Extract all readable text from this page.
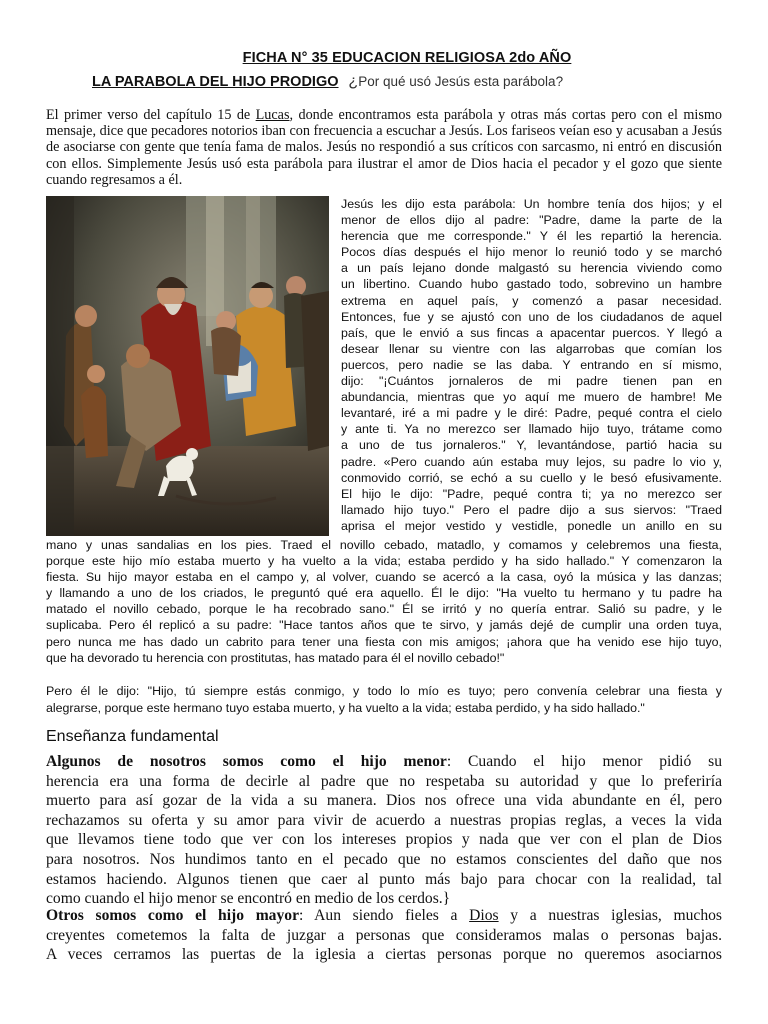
FICHA N° 35 EDUCACION RELIGIOSA 2do AÑO
LA PARABOLA DEL HIJO PRODIGO ¿Por qué usó Jesús esta parábola?
El primer verso del capítulo 15 de Lucas, donde encontramos esta parábola y otras más cortas pero con el mismo mensaje, dice que pecadores notorios iban con frecuencia a escuchar a Jesús. Los fariseos veían eso y acusaban a Jesús de asociarse con gente que tenía fama de malos. Jesús no respondió a sus críticos con sarcasmo, ni entró en discusión con ellos. Simplemente Jesús usó esta parábola para ilustrar el amor de Dios hacia el pecador y el gozo que siente cuando regresamos a él.
Jesús les dijo esta parábola: Un hombre tenía dos hijos; y el
menor de ellos dijo al padre: "Padre, dame la parte de la
herencia que me corresponde." Y él les repartió la herencia.
Pocos días después el hijo menor lo reunió todo y se marchó
a un país lejano donde malgastó su herencia viviendo como
un libertino. Cuando hubo gastado todo, sobrevino un hambre
extrema en aquel país, y comenzó a pasar necesidad.
Entonces, fue y se ajustó con uno de los ciudadanos de aquel
país, que le envió a sus fincas a apacentar puercos. Y llegó a
desear llenar su vientre con las algarrobas que comían los
puercos, pero nadie se las daba. Y entrando en sí mismo,
dijo: "¡Cuántos jornaleros de mi padre tienen pan en
abundancia, mientras que yo aquí me muero de hambre! Me
levantaré, iré a mi padre y le diré: Padre, pequé contra el cielo
y ante ti. Ya no merezco ser llamado hijo tuyo, trátame como
a uno de tus jornaleros." Y, levantándose, partió hacia su
padre. «Pero cuando aún estaba muy lejos, su padre lo vio y,
conmovido corrió, se echó a su cuello y le besó efusivamente.
El hijo le dijo: "Padre, pequé contra ti; ya no merezco ser
llamado hijo tuyo." Pero el padre dijo a sus siervos: "Traed
aprisa el mejor vestido y vestidle, ponedle un anillo en su
mano y unas sandalias en los pies. Traed el novillo cebado, matadlo, y comamos y celebremos una fiesta,
porque este hijo mío estaba muerto y ha vuelto a la vida; estaba perdido y ha sido hallado." Y comenzaron la
fiesta. Su hijo mayor estaba en el campo y, al volver, cuando se acercó a la casa, oyó la música y las danzas;
y llamando a uno de los criados, le preguntó qué era aquello. Él le dijo: "Ha vuelto tu hermano y tu padre ha
matado el novillo cebado, porque le ha recobrado sano." Él se irritó y no quería entrar. Salió su padre, y le
suplicaba. Pero él replicó a su padre: "Hace tantos años que te sirvo, y jamás dejé de cumplir una orden tuya,
pero nunca me has dado un cabrito para tener una fiesta con mis amigos; ¡ahora que ha venido ese hijo tuyo,
que ha devorado tu herencia con prostitutas, has matado para él el novillo cebado!"
Pero él le dijo: "Hijo, tú siempre estás conmigo, y todo lo mío es tuyo; pero convenía celebrar una fiesta y
alegrarse, porque este hermano tuyo estaba muerto, y ha vuelto a la vida; estaba perdido, y ha sido hallado."
Enseñanza fundamental
Algunos de nosotros somos como el hijo menor: Cuando el hijo menor pidió su
herencia era una forma de decirle al padre que no respetaba su autoridad y que lo preferiría
muerto para así gozar de la vida a su manera. Dios nos ofrece una vida abundante en él, pero
rechazamos su oferta y su amor para vivir de acuerdo a nuestras propias reglas, a veces la vida
que llevamos tiene todo que ver con los intereses propios y nada que ver con el plan de Dios
para nosotros. Nos hundimos tanto en el pecado que no estamos conscientes del daño que nos
estamos haciendo. Algunos tienen que caer al punto más bajo para chocar con la realidad, tal
como cuando el hijo menor se encontró en medio de los cerdos.}
Otros somos como el hijo mayor: Aun siendo fieles a Dios y a nuestras iglesias, muchos
creyentes cometemos la falta de juzgar a personas que consideramos malas o personas bajas.
A veces cerramos las puertas de la iglesia a ciertas personas porque no queremos asociarnos
